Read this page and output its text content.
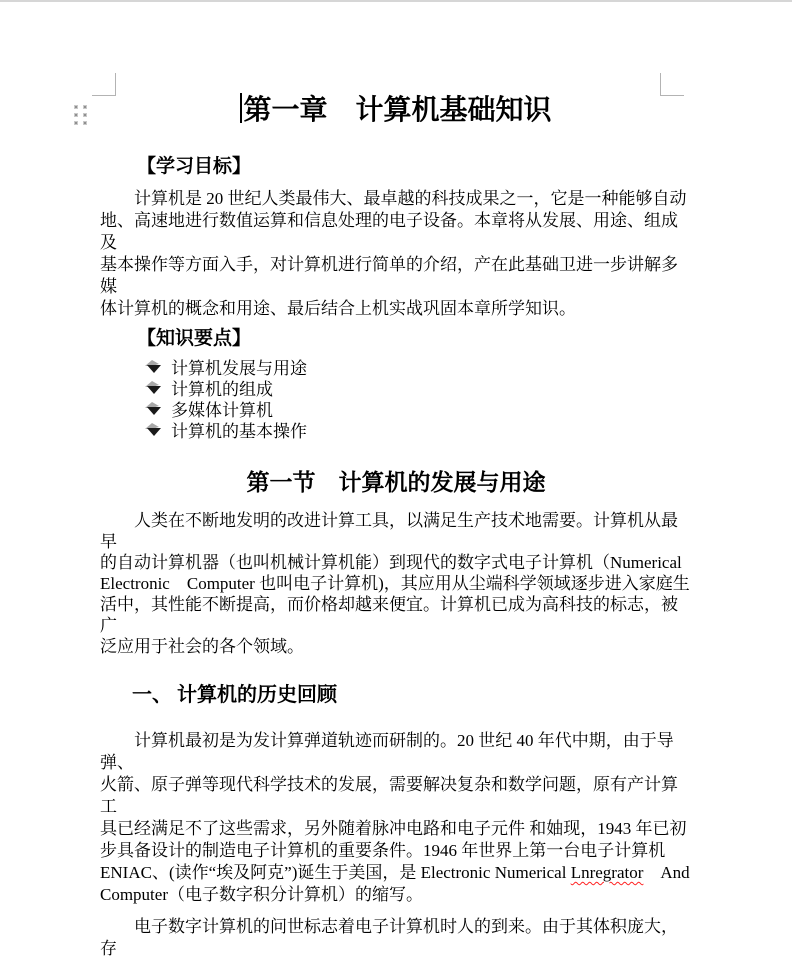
第一章　计算机基础知识
【学习目标】
计算机是 20 世纪人类最伟大、最卓越的科技成果之一，它是一种能够自动
地、高速地进行数值运算和信息处理的电子设备。本章将从发展、用途、组成及
基本操作等方面入手，对计算机进行简单的介绍，产在此基础卫进一步讲解多媒
体计算机的概念和用途、最后结合上机实战巩固本章所学知识。
【知识要点】
计算机发展与用途
计算机的组成
多媒体计算机
计算机的基本操作
第一节　计算机的发展与用途
人类在不断地发明的改进计算工具，以满足生产技术地需要。计算机从最早
的自动计算机器（也叫机械计算机能）到现代的数字式电子计算机（Numerical
Electronic　Computer 也叫电子计算机)，其应用从尘端科学领域逐步进入家庭生
活中，其性能不断提高，而价格却越来便宜。计算机已成为高科技的标志，被广
泛应用于社会的各个领域。
一、 计算机的历史回顾
计算机最初是为发计算弹道轨迹而研制的。20 世纪 40 年代中期，由于导弹、
火箭、原子弹等现代科学技术的发展，需要解决复杂和数学问题，原有产计算工
具已经满足不了这些需求，另外随着脉冲电路和电子元件 和妯现，1943 年已初
步具备设计的制造电子计算机的重要条件。1946 年世界上第一台电子计算机
ENIAC、(读作“埃及阿克”)诞生于美国，是 Electronic Numerical Lnregrator　And
Computer（电子数字积分计算机）的缩写。
电子数字计算机的问世标志着电子计算机时人的到来。由于其体积庞大，存
